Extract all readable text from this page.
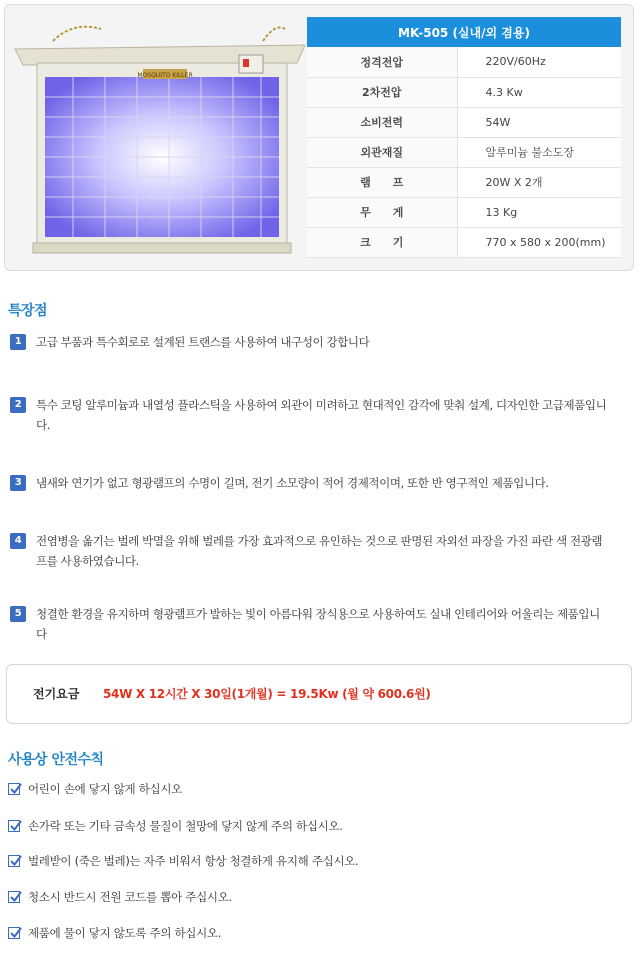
MOSQUITO KILLER
MK-505 (실내/외 겸용)	
정격전압	220V/60Hz
2차전압	4.3 Kw
소비전력	54W
외관재질	알루미늄 불소도장
램　　프	20W X 2개
무　　게	13 Kg
크　　기	770 x 580 x 200(mm)
특장점
1	고급 부품과 특수회로로 설계된 트랜스를 사용하여 내구성이 강합니다
2	특수 코팅 알루미늄과 내열성 플라스틱을 사용하여 외관이 미려하고 현대적인 감각에 맞춰 설계, 디자인한 고급제품입니다.
3	냄새와 연기가 없고 형광램프의 수명이 길며, 전기 소모량이 적어 경제적이며, 또한 반 영구적인 제품입니다.
4	전염병을 옮기는 벌레 박멸을 위해 벌레를 가장 효과적으로 유인하는 것으로 판명된 자외선 파장을 가진 파란 색 전광램프를 사용하였습니다.
5	청결한 환경을 유지하며 형광램프가 발하는 빛이 아름다워 장식용으로 사용하여도 실내 인테리어와 어울리는 제품입니다
전기요금 54W X 12시간 X 30일(1개월) = 19.5Kw (월 약 600.6원)
사용상 안전수칙
어린이 손에 닿지 않게 하십시오
손가락 또는 기타 금속성 물질이 철망에 닿지 않게 주의 하십시오.
벌레받이 (죽은 벌레)는 자주 비워서 항상 청결하게 유지해 주십시오.
청소시 반드시 전원 코드를 뽑아 주십시오.
제품에 물이 닿지 않도록 주의 하십시오.
